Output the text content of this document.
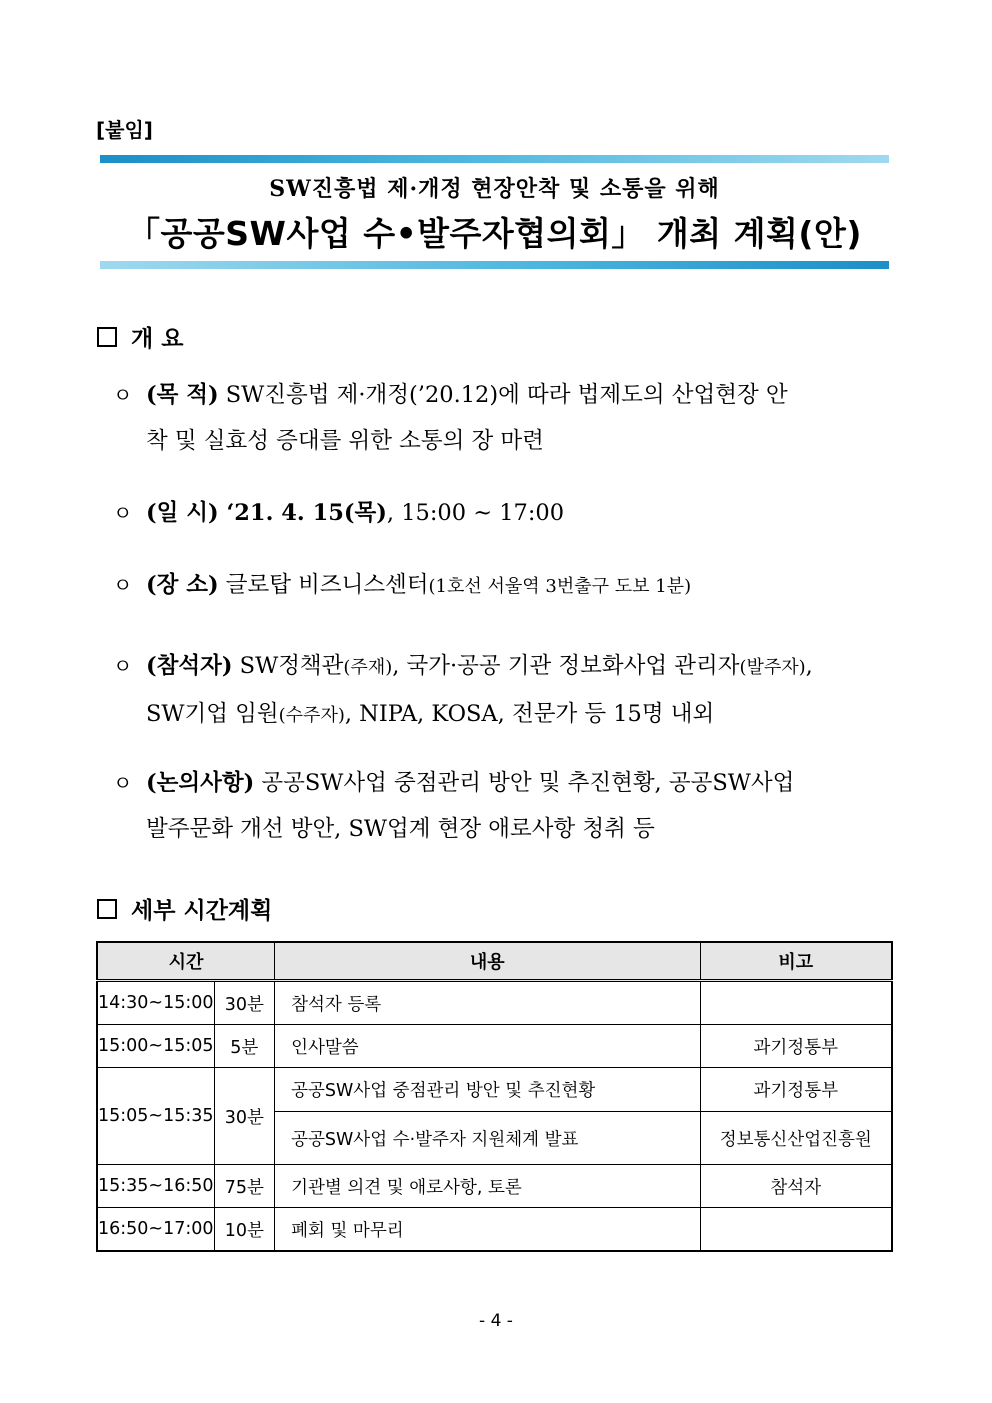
[붙임]
SW진흥법 제·개정 현장안착 및 소통을 위해
「공공SW사업 수•발주자협의회」 개최 계획(안)
개 요
ㅇ (목 적) SW진흥법 제·개정(’20.12)에 따라 법제도의 산업현장 안
착 및 실효성 증대를 위한 소통의 장 마련
ㅇ (일 시) ‘21. 4. 15(목), 15:00 ~ 17:00
ㅇ (장 소) 글로탑 비즈니스센터(1호선 서울역 3번출구 도보 1분)
ㅇ (참석자) SW정책관(주재), 국가·공공 기관 정보화사업 관리자(발주자),
SW기업 임원(수주자), NIPA, KOSA, 전문가 등 15명 내외
ㅇ (논의사항) 공공SW사업 중점관리 방안 및 추진현황, 공공SW사업
발주문화 개선 방안, SW업계 현장 애로사항 청취 등
세부 시간계획
시간		내용	비고
14:30~15:00	30분	참석자 등록	
15:00~15:05	5분	인사말씀	과기정통부
15:05~15:35	30분	공공SW사업 중점관리 방안 및 추진현황	과기정통부
		공공SW사업 수·발주자 지원체계 발표	정보통신산업진흥원
15:35~16:50	75분	기관별 의견 및 애로사항, 토론	참석자
16:50~17:00	10분	폐회 및 마무리	
- 4 -
